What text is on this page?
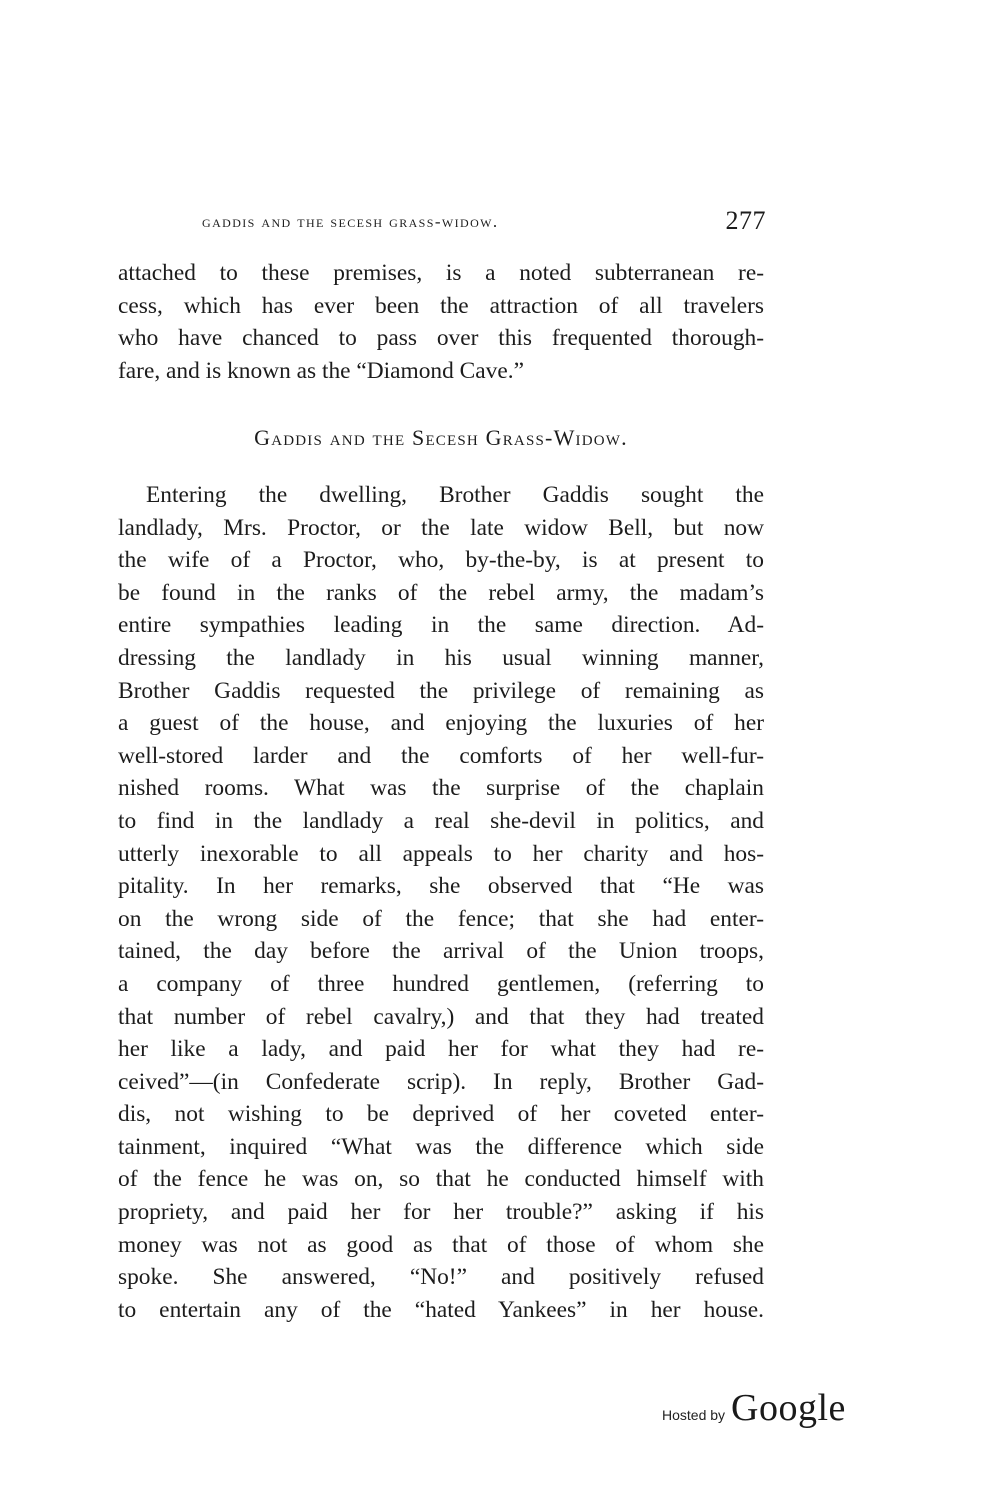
gaddis and the secesh grass-widow.	277
attached to these premises, is a noted subterranean re-
cess, which has ever been the attraction of all travelers
who have chanced to pass over this frequented thorough-
fare, and is known as the “Diamond Cave.”
Gaddis and the Secesh Grass-Widow.
Entering the dwelling, Brother Gaddis sought the
landlady, Mrs. Proctor, or the late widow Bell, but now
the wife of a Proctor, who, by-the-by, is at present to
be found in the ranks of the rebel army, the madam’s
entire sympathies leading in the same direction. Ad-
dressing the landlady in his usual winning manner,
Brother Gaddis requested the privilege of remaining as
a guest of the house, and enjoying the luxuries of her
well-stored larder and the comforts of her well-fur-
nished rooms. What was the surprise of the chaplain
to find in the landlady a real she-devil in politics, and
utterly inexorable to all appeals to her charity and hos-
pitality. In her remarks, she observed that “He was
on the wrong side of the fence; that she had enter-
tained, the day before the arrival of the Union troops,
a company of three hundred gentlemen, (referring to
that number of rebel cavalry,) and that they had treated
her like a lady, and paid her for what they had re-
ceived”—(in Confederate scrip). In reply, Brother Gad-
dis, not wishing to be deprived of her coveted enter-
tainment, inquired “What was the difference which side
of the fence he was on, so that he conducted himself with
propriety, and paid her for her trouble?” asking if his
money was not as good as that of those of whom she
spoke. She answered, “No!” and positively refused
to entertain any of the “hated Yankees” in her house.
Hosted by Google
